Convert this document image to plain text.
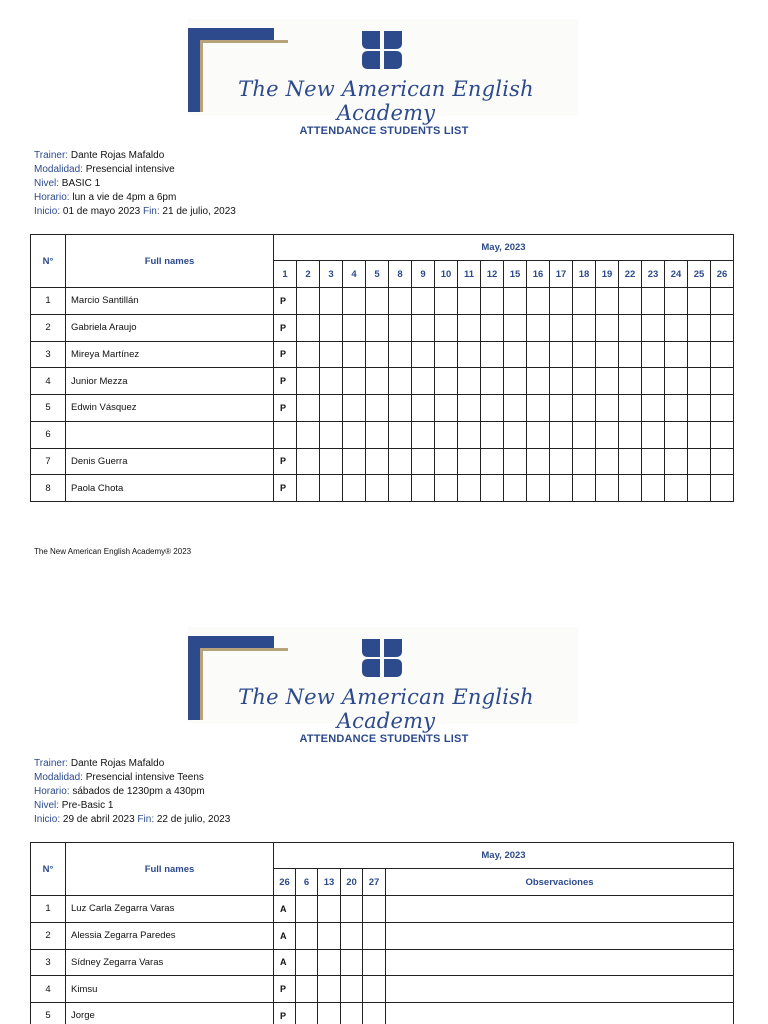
The New American English Academy
ATTENDANCE STUDENTS LIST
Trainer: Dante Rojas Mafaldo
Modalidad: Presencial intensive
Nivel: BASIC 1
Horario: lun a vie de 4pm a 6pm
Inicio: 01 de mayo 2023 Fin: 21 de julio, 2023
N°	Full names	May, 2023																			
		1	2	3	4	5	8	9	10	11	12	15	16	17	18	19	22	23	24	25	26
1	Marcio Santillán	P																			
2	Gabriela Araujo	P																			
3	Mireya Martínez	P																			
4	Junior Mezza	P																			
5	Edwin Vásquez	P																			
6																					
7	Denis Guerra	P																			
8	Paola Chota	P																			
The New American English Academy® 2023
The New American English Academy
ATTENDANCE STUDENTS LIST
Trainer: Dante Rojas Mafaldo
Modalidad: Presencial intensive Teens
Horario: sábados de 1230pm a 430pm
Nivel: Pre-Basic 1
Inicio: 29 de abril 2023 Fin: 22 de julio, 2023
N°	Full names	May, 2023					
		26	6	13	20	27	Observaciones
1	Luz Carla Zegarra Varas	A					
2	Alessia Zegarra Paredes	A					
3	Sídney Zegarra Varas	A					
4	Kimsu	P					
5	Jorge	P					
